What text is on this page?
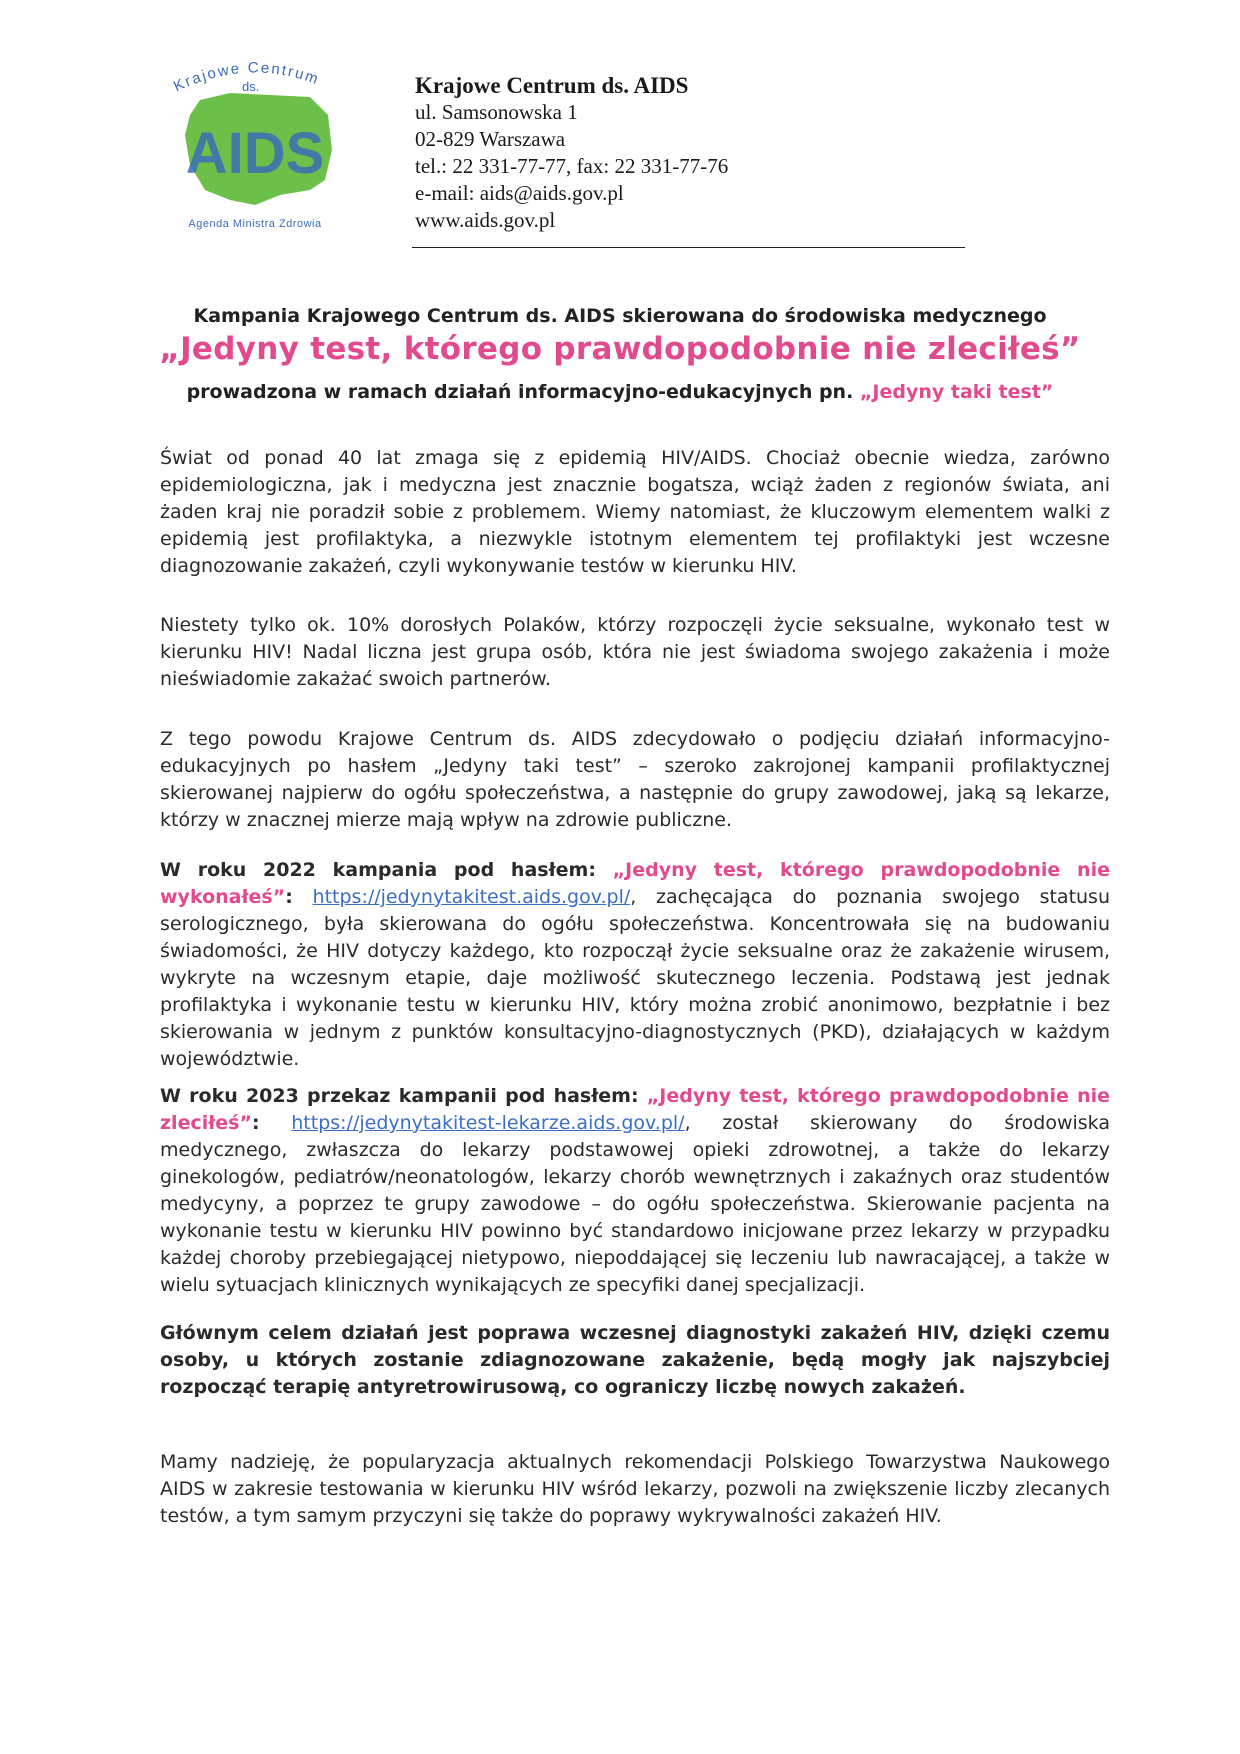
Krajowe Centrum
ds.
AIDS
Agenda Ministra Zdrowia
Krajowe Centrum ds. AIDS
ul. Samsonowska 1
02-829 Warszawa
tel.: 22 331-77-77, fax: 22 331-77-76
e-mail: aids@aids.gov.pl
www.aids.gov.pl
Kampania Krajowego Centrum ds. AIDS skierowana do środowiska medycznego
„Jedyny test, którego prawdopodobnie nie zleciłeś”
prowadzona w ramach działań informacyjno-edukacyjnych pn. „Jedyny taki test”
Świat od ponad 40 lat zmaga się z epidemią HIV/AIDS. Chociaż obecnie wiedza, zarówno epidemiologiczna, jak i medyczna jest znacznie bogatsza, wciąż żaden z regionów świata, ani żaden kraj nie poradził sobie z problemem. Wiemy natomiast, że kluczowym elementem walki z epidemią jest profilaktyka, a niezwykle istotnym elementem tej profilaktyki jest wczesne diagnozowanie zakażeń, czyli wykonywanie testów w kierunku HIV.
Niestety tylko ok. 10% dorosłych Polaków, którzy rozpoczęli życie seksualne, wykonało test w kierunku HIV! Nadal liczna jest grupa osób, która nie jest świadoma swojego zakażenia i może nieświadomie zakażać swoich partnerów.
Z tego powodu Krajowe Centrum ds. AIDS zdecydowało o podjęciu działań informacyjno-edukacyjnych po hasłem „Jedyny taki test” – szeroko zakrojonej kampanii profilaktycznej skierowanej najpierw do ogółu społeczeństwa, a następnie do grupy zawodowej, jaką są lekarze, którzy w znacznej mierze mają wpływ na zdrowie publiczne.
W roku 2022 kampania pod hasłem: „Jedyny test, którego prawdopodobnie nie wykonałeś”: https://jedynytakitest.aids.gov.pl/, zachęcająca do poznania swojego statusu serologicznego, była skierowana do ogółu społeczeństwa. Koncentrowała się na budowaniu świadomości, że HIV dotyczy każdego, kto rozpoczął życie seksualne oraz że zakażenie wirusem, wykryte na wczesnym etapie, daje możliwość skutecznego leczenia. Podstawą jest jednak profilaktyka i wykonanie testu w kierunku HIV, który można zrobić anonimowo, bezpłatnie i bez skierowania w jednym z punktów konsultacyjno-diagnostycznych (PKD), działających w każdym województwie.
W roku 2023 przekaz kampanii pod hasłem: „Jedyny test, którego prawdopodobnie nie zleciłeś”: https://jedynytakitest-lekarze.aids.gov.pl/, został skierowany do środowiska medycznego, zwłaszcza do lekarzy podstawowej opieki zdrowotnej, a także do lekarzy ginekologów, pediatrów/neonatologów, lekarzy chorób wewnętrznych i zakaźnych oraz studentów medycyny, a poprzez te grupy zawodowe – do ogółu społeczeństwa. Skierowanie pacjenta na wykonanie testu w kierunku HIV powinno być standardowo inicjowane przez lekarzy w przypadku każdej choroby przebiegającej nietypowo, niepoddającej się leczeniu lub nawracającej, a także w wielu sytuacjach klinicznych wynikających ze specyfiki danej specjalizacji.
Głównym celem działań jest poprawa wczesnej diagnostyki zakażeń HIV, dzięki czemu osoby, u których zostanie zdiagnozowane zakażenie, będą mogły jak najszybciej rozpocząć terapię antyretrowirusową, co ograniczy liczbę nowych zakażeń.
Mamy nadzieję, że popularyzacja aktualnych rekomendacji Polskiego Towarzystwa Naukowego AIDS w zakresie testowania w kierunku HIV wśród lekarzy, pozwoli na zwiększenie liczby zlecanych testów, a tym samym przyczyni się także do poprawy wykrywalności zakażeń HIV.
